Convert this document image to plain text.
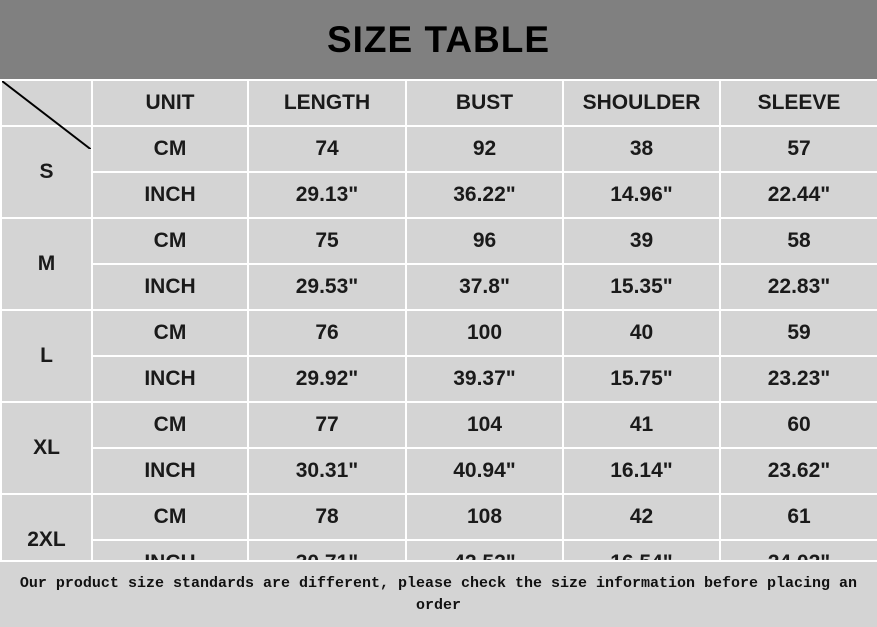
SIZE TABLE
	UNIT	LENGTH	BUST	SHOULDER	SLEEVE
S	CM	74	92	38	57
	INCH	29.13"	36.22"	14.96"	22.44"
M	CM	75	96	39	58
	INCH	29.53"	37.8"	15.35"	22.83"
L	CM	76	100	40	59
	INCH	29.92"	39.37"	15.75"	23.23"
XL	CM	77	104	41	60
	INCH	30.31"	40.94"	16.14"	23.62"
2XL	CM	78	108	42	61

Our product size standards are different, please check the size information before placing an order
